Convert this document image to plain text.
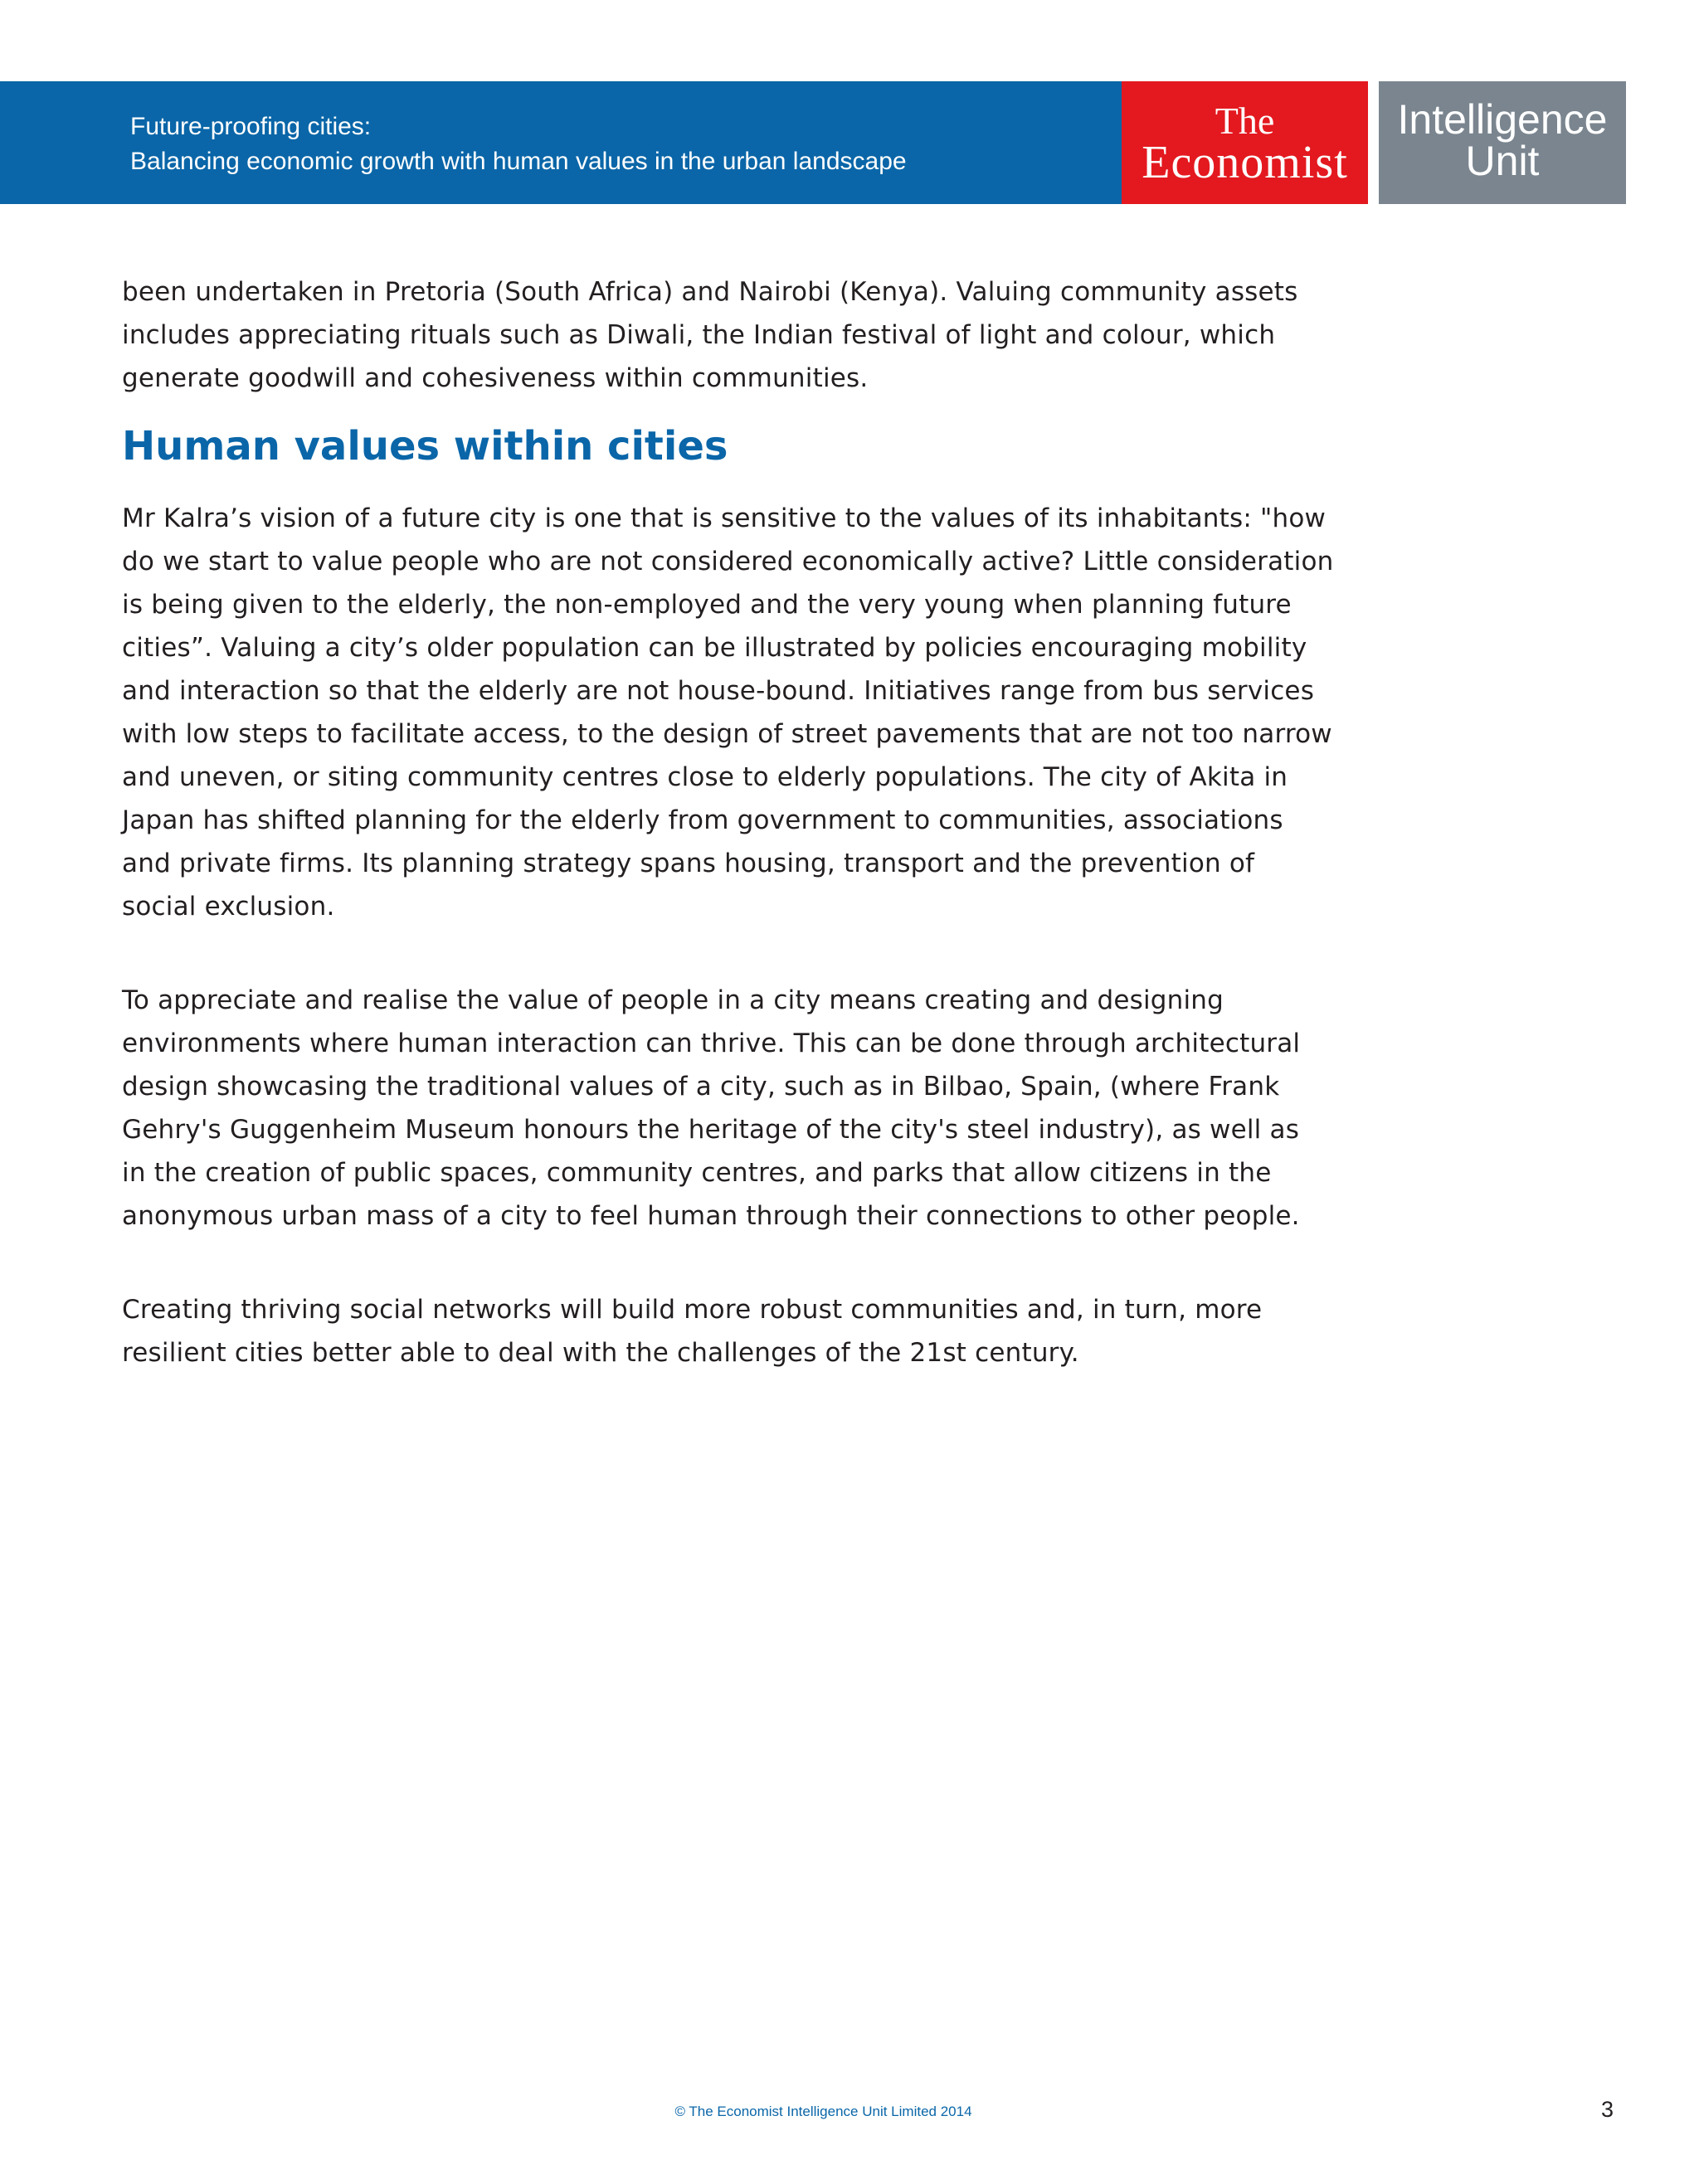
Future-proofing cities:
Balancing economic growth with human values in the urban landscape
The
Economist
Intelligence
Unit

been undertaken in Pretoria (South Africa) and Nairobi (Kenya). Valuing community assets
includes appreciating rituals such as Diwali, the Indian festival of light and colour, which
generate goodwill and cohesiveness within communities.

Human values within cities

Mr Kalra’s vision of a future city is one that is sensitive to the values of its inhabitants: "how
do we start to value people who are not considered economically active? Little consideration
is being given to the elderly, the non-employed and the very young when planning future
cities”. Valuing a city’s older population can be illustrated by policies encouraging mobility
and interaction so that the elderly are not house-bound. Initiatives range from bus services
with low steps to facilitate access, to the design of street pavements that are not too narrow
and uneven, or siting community centres close to elderly populations. The city of Akita in
Japan has shifted planning for the elderly from government to communities, associations
and private firms. Its planning strategy spans housing, transport and the prevention of
social exclusion.

To appreciate and realise the value of people in a city means creating and designing
environments where human interaction can thrive. This can be done through architectural
design showcasing the traditional values of a city, such as in Bilbao, Spain, (where Frank
Gehry's Guggenheim Museum honours the heritage of the city's steel industry), as well as
in the creation of public spaces, community centres, and parks that allow citizens in the
anonymous urban mass of a city to feel human through their connections to other people.

Creating thriving social networks will build more robust communities and, in turn, more
resilient cities better able to deal with the challenges of the 21st century.

© The Economist Intelligence Unit Limited 2014	3
